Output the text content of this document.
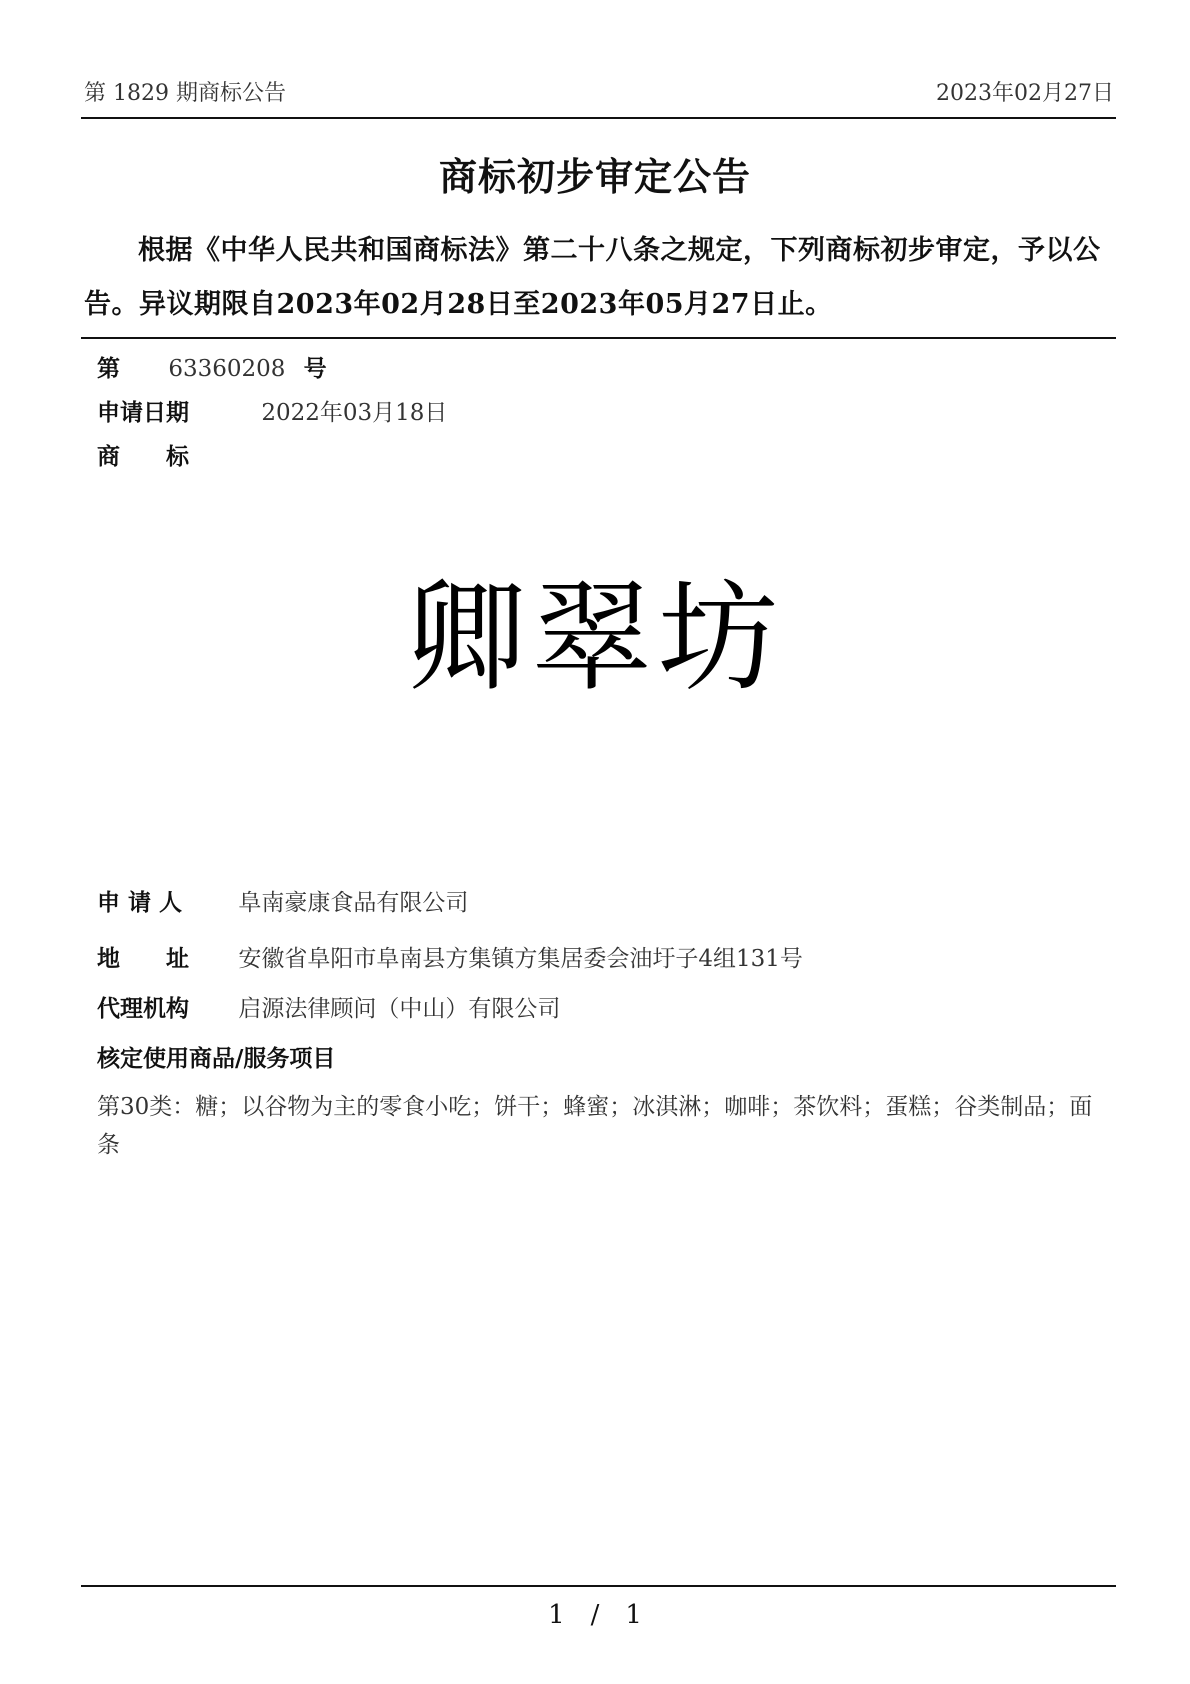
第 1829 期商标公告	2023年02月27日
商标初步审定公告
根据《中华人民共和国商标法》第二十八条之规定，下列商标初步审定，予以公告。异议期限自2023年02月28日至2023年05月27日止。
第 63360208 号
申请日期	2022年03月18日
商　　标
卿翠坊
申 请 人 阜南豪康食品有限公司
地　　址 安徽省阜阳市阜南县方集镇方集居委会油圩子4组131号
代理机构 启源法律顾问（中山）有限公司
核定使用商品/服务项目
第30类：糖；以谷物为主的零食小吃；饼干；蜂蜜；冰淇淋；咖啡；茶饮料；蛋糕；谷类制品；面条
1　/　1
